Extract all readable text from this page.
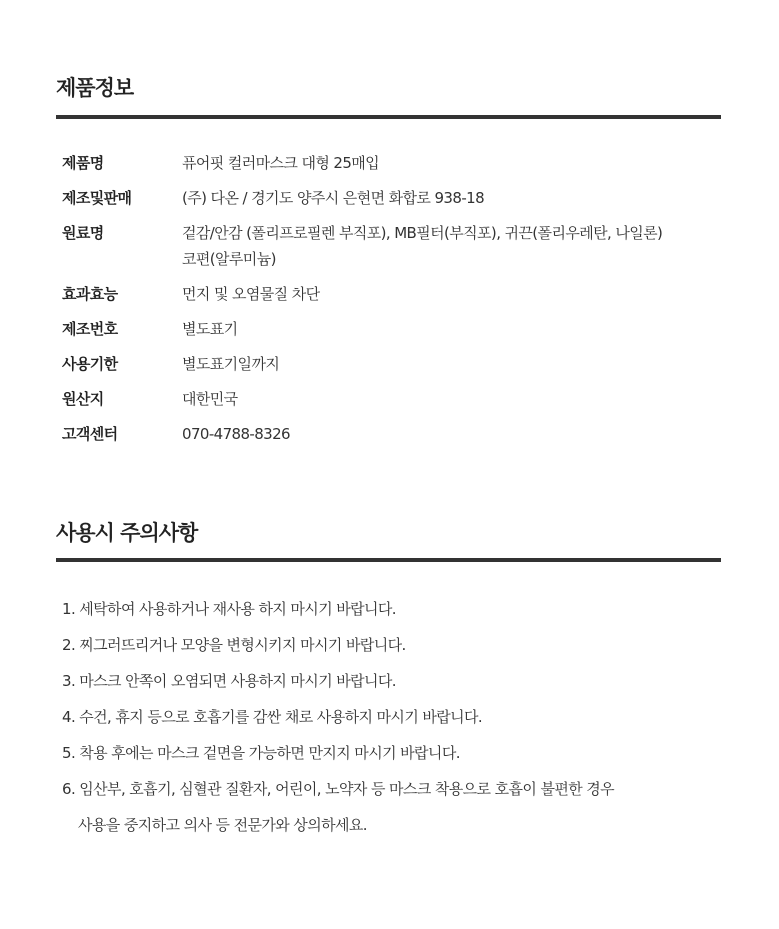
제품정보
제품명	퓨어핏 컬러마스크 대형 25매입
제조및판매	(주) 다온 / 경기도 양주시 은현면 화합로 938-18
원료명	겉감/안감 (폴리프로필렌 부직포), MB필터(부직포), 귀끈(폴리우레탄, 나일론)
코편(알루미늄)
효과효능	먼지 및 오염물질 차단
제조번호	별도표기
사용기한	별도표기일까지
원산지	대한민국
고객센터	070-4788-8326
사용시 주의사항
1. 세탁하여 사용하거나 재사용 하지 마시기 바랍니다.
2. 찌그러뜨리거나 모양을 변형시키지 마시기 바랍니다.
3. 마스크 안쪽이 오염되면 사용하지 마시기 바랍니다.
4. 수건, 휴지 등으로 호흡기를 감싼 채로 사용하지 마시기 바랍니다.
5. 착용 후에는 마스크 겉면을 가능하면 만지지 마시기 바랍니다.
6. 임산부, 호흡기, 심혈관 질환자, 어린이, 노약자 등 마스크 착용으로 호흡이 불편한 경우
사용을 중지하고 의사 등 전문가와 상의하세요.
